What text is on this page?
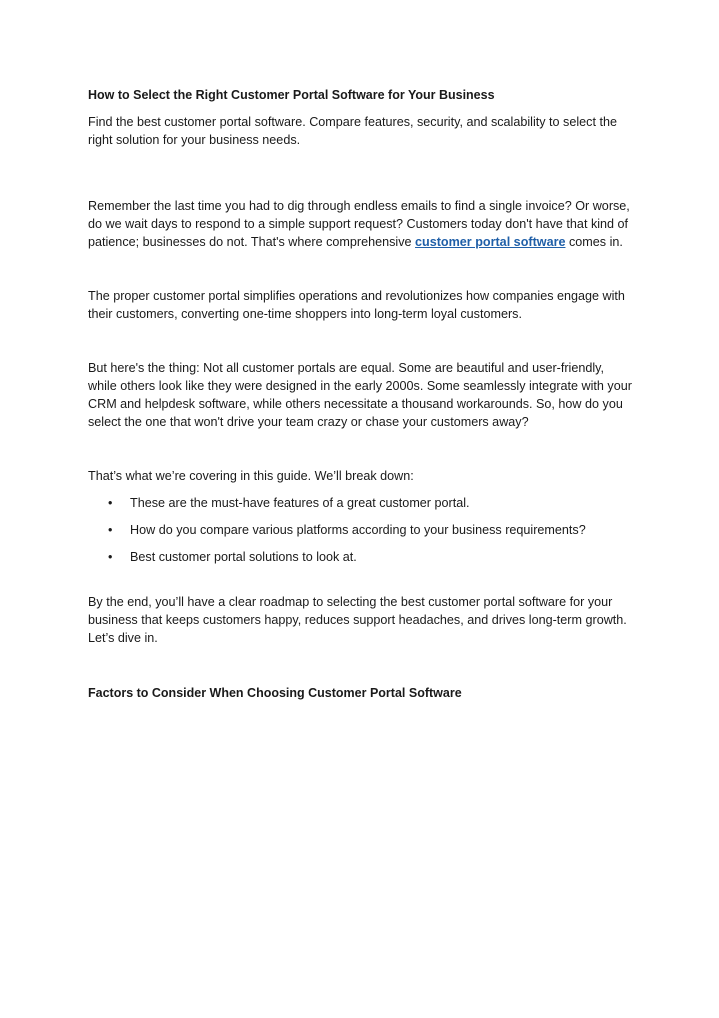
How to Select the Right Customer Portal Software for Your Business

Find the best customer portal software. Compare features, security, and scalability to select the right solution for your business needs.

Remember the last time you had to dig through endless emails to find a single invoice? Or worse, do we wait days to respond to a simple support request? Customers today don't have that kind of patience; businesses do not. That's where comprehensive customer portal software comes in.

The proper customer portal simplifies operations and revolutionizes how companies engage with their customers, converting one-time shoppers into long-term loyal customers.

But here's the thing: Not all customer portals are equal. Some are beautiful and user-friendly, while others look like they were designed in the early 2000s. Some seamlessly integrate with your CRM and helpdesk software, while others necessitate a thousand workarounds. So, how do you select the one that won't drive your team crazy or chase your customers away?

That’s what we’re covering in this guide. We’ll break down:

• These are the must-have features of a great customer portal.
• How do you compare various platforms according to your business requirements?
• Best customer portal solutions to look at.

By the end, you’ll have a clear roadmap to selecting the best customer portal software for your business that keeps customers happy, reduces support headaches, and drives long-term growth. Let’s dive in.

Factors to Consider When Choosing Customer Portal Software
